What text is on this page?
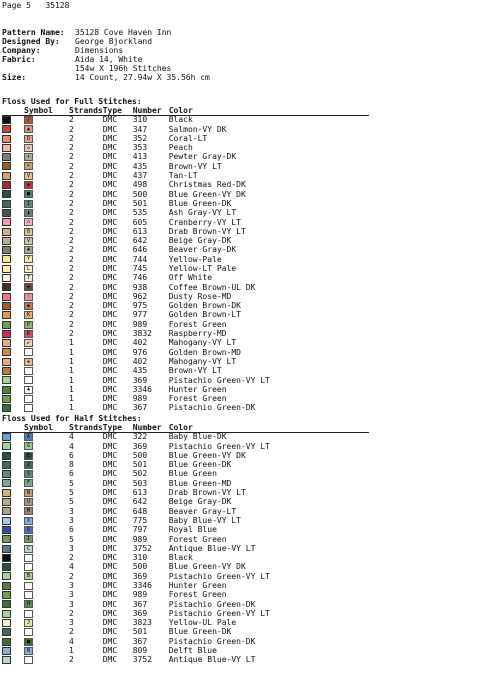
Page 5 35128
Pattern Name:	35128 Cove Haven Inn
Designed By:	George Bjorkland
Company:	Dimensions
Fabric:	Aida 14, White
154w X 196h Stitches
Size:	14 Count, 27.94w X 35.56h cm
Floss Used for Full Stitches:
	Symbol	Strands	Type	Number	Color
	/	2	DMC	310	Black
	▲	2	DMC	347	Salmon-VY DK
	D	2	DMC	352	Coral-LT
	◇	2	DMC	353	Peach
	•	2	DMC	413	Pewter Gray-DK
	×	2	DMC	435	Brown-VY LT
	V	2	DMC	437	Tan-LT
	▪	2	DMC	498	Christmas Red-DK
	■	2	DMC	500	Blue Green-VY DK
	I	2	DMC	501	Blue Green-DK
	▮	2	DMC	535	Ash Gray-VY LT
	⌂	2	DMC	605	Cranberry-VY LT
	0	2	DMC	613	Drab Brown-VY LT
	V	2	DMC	642	Beige Gray-DK
	♣	2	DMC	646	Beaver Gray-DK
	Y	2	DMC	744	Yellow-Pale
	L	2	DMC	745	Yellow-LT Pale
	T	2	DMC	746	Off White
	▬	2	DMC	938	Coffee Brown-UL DK
	♡	2	DMC	962	Dusty Rose-MD
	◆	2	DMC	975	Golden Brown-DK
	K	2	DMC	977	Golden Brown-LT
	P	2	DMC	989	Forest Green
	R	2	DMC	3832	Raspberry-MD
	✔	1	DMC	402	Mahogany-VY LT
		1	DMC	976	Golden Brown-MD
	❖	1	DMC	402	Mahogany-VY LT
		1	DMC	435	Brown-VY LT
		1	DMC	369	Pistachio Green-VY LT
	♣	1	DMC	3346	Hunter Green
		1	DMC	989	Forest Green
		1	DMC	367	Pistachio Green-DK
Floss Used for Half Stitches:
	Symbol	Strands	Type	Number	Color
	A	4	DMC	322	Baby Blue-DK
	G	4	DMC	369	Pistachio Green-VY LT
	E	6	DMC	500	Blue Green-VY DK
	Z	8	DMC	501	Blue Green-DK
	S	6	DMC	502	Blue Green
	F	5	DMC	503	Blue Green-MD
	N	5	DMC	613	Drab Brown-VY LT
	U	5	DMC	642	Beige Gray-DK
	M	3	DMC	648	Beaver Gray-LT
	X	3	DMC	775	Baby Blue-VY LT
	Q	6	DMC	797	Royal Blue
	I	5	DMC	989	Forest Green
	C	3	DMC	3752	Antique Blue-VY LT
		2	DMC	310	Black
		4	DMC	500	Blue Green-VY DK
	B	2	DMC	369	Pistachio Green-VY LT
		3	DMC	3346	Hunter Green
		3	DMC	989	Forest Green
	H	3	DMC	367	Pistachio Green-DK
		2	DMC	369	Pistachio Green-VY LT
	J	3	DMC	3823	Yellow-UL Pale
		2	DMC	501	Blue Green-DK
	■	4	DMC	367	Pistachio Green-DK
	N	1	DMC	809	Delft Blue
		2	DMC	3752	Antique Blue-VY LT
